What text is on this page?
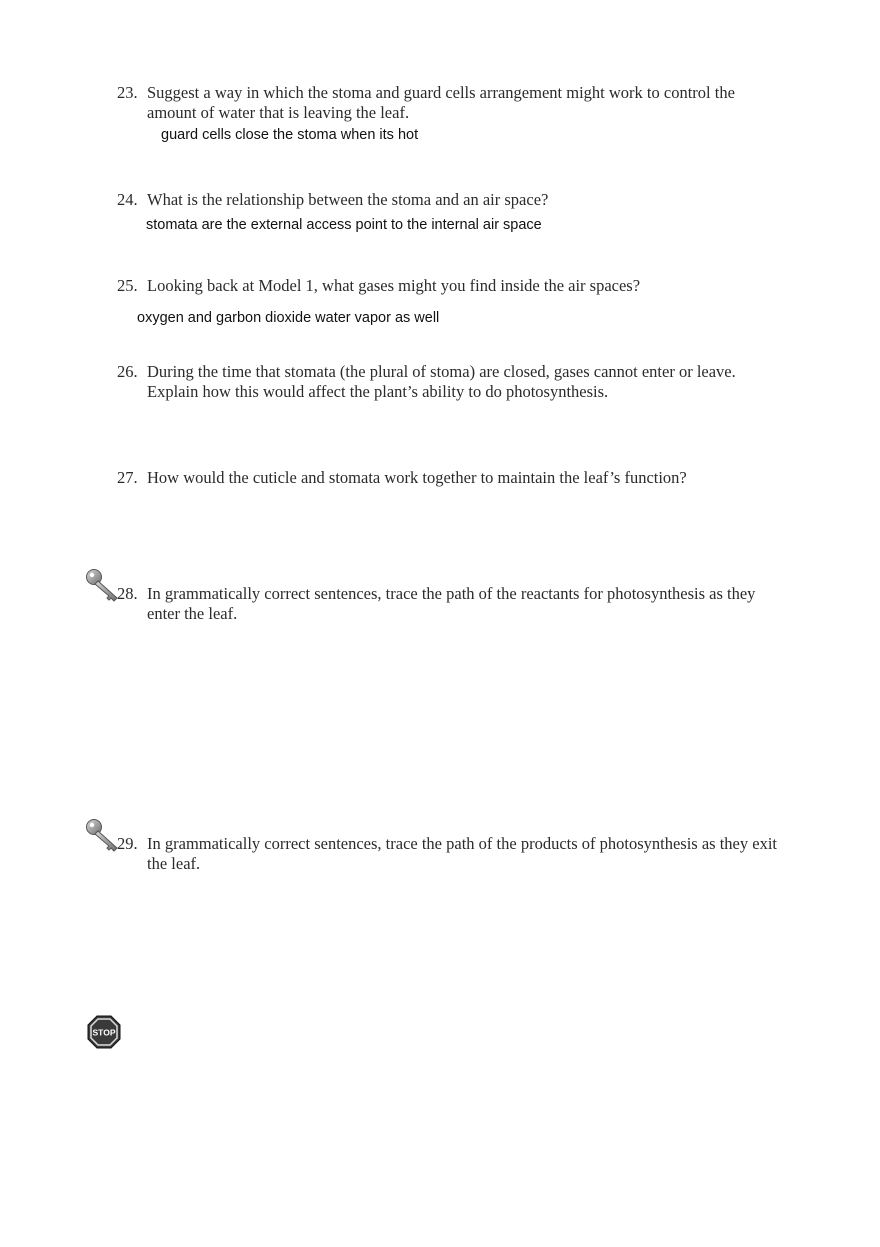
23. Suggest a way in which the stoma and guard cells arrangement might work to control the amount of water that is leaving the leaf.
guard cells close the stoma when its hot
24. What is the relationship between the stoma and an air space?
stomata are the external access point to the internal air space
25. Looking back at Model 1, what gases might you find inside the air spaces?
oxygen and garbon dioxide water vapor as well
26. During the time that stomata (the plural of stoma) are closed, gases cannot enter or leave. Explain how this would affect the plant’s ability to do photosynthesis.
27. How would the cuticle and stomata work together to maintain the leaf’s function?
28. In grammatically correct sentences, trace the path of the reactants for photosynthesis as they enter the leaf.
29. In grammatically correct sentences, trace the path of the products of photosynthesis as they exit the leaf.
STOP
